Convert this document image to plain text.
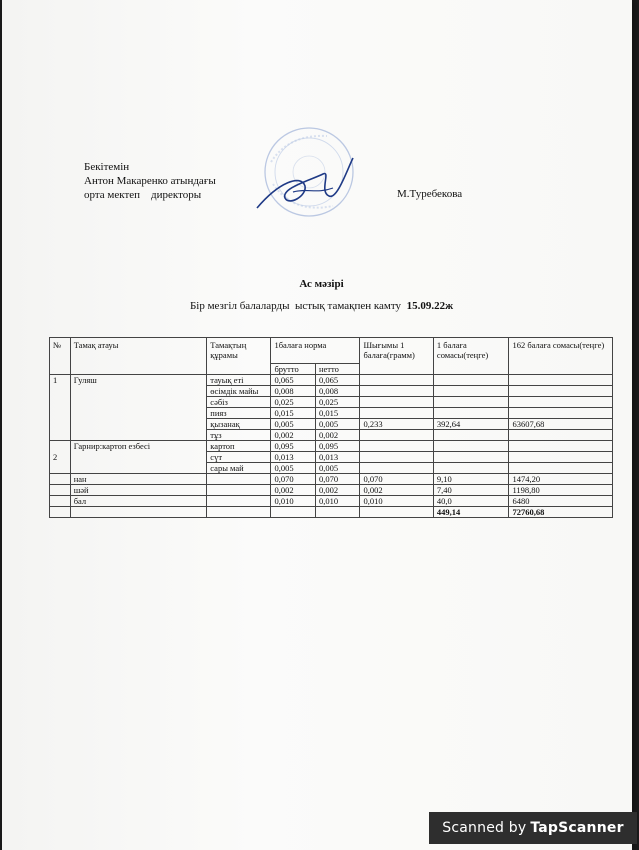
Бекітемін
Антон Макаренко атындағы
орта мектеп    директоры	М.Туребекова
Ас мәзірі
Бір мезгіл балаларды  ыстық тамақпен камту  15.09.22ж
№	Тамақ атауы	Тамақтың құрамы	1балаға норма		Шығымы 1 балаға(грамм)	1 балаға сомасы(теңге)	162 балаға сомасы(теңге)
			брутто	нетто			
1	Гуляш	тауық еті	0,065	0,065			
		өсімдік майы	0,008	0,008			
		сәбіз	0,025	0,025			
		пияз	0,015	0,015			
		қызанақ	0,005	0,005	0,233	392,64	63607,68
		тұз	0,002	0,002			
2	Гарнир:картоп езбесі	картоп	0,095	0,095			
		сүт	0,013	0,013			
		сары май	0,005	0,005			
	нан		0,070	0,070	0,070	9,10	1474,20
	шәй		0,002	0,002	0,002	7,40	1198,80
	бал		0,010	0,010	0,010	40,0	6480
						449,14	72760,68
Scanned by TapScanner
